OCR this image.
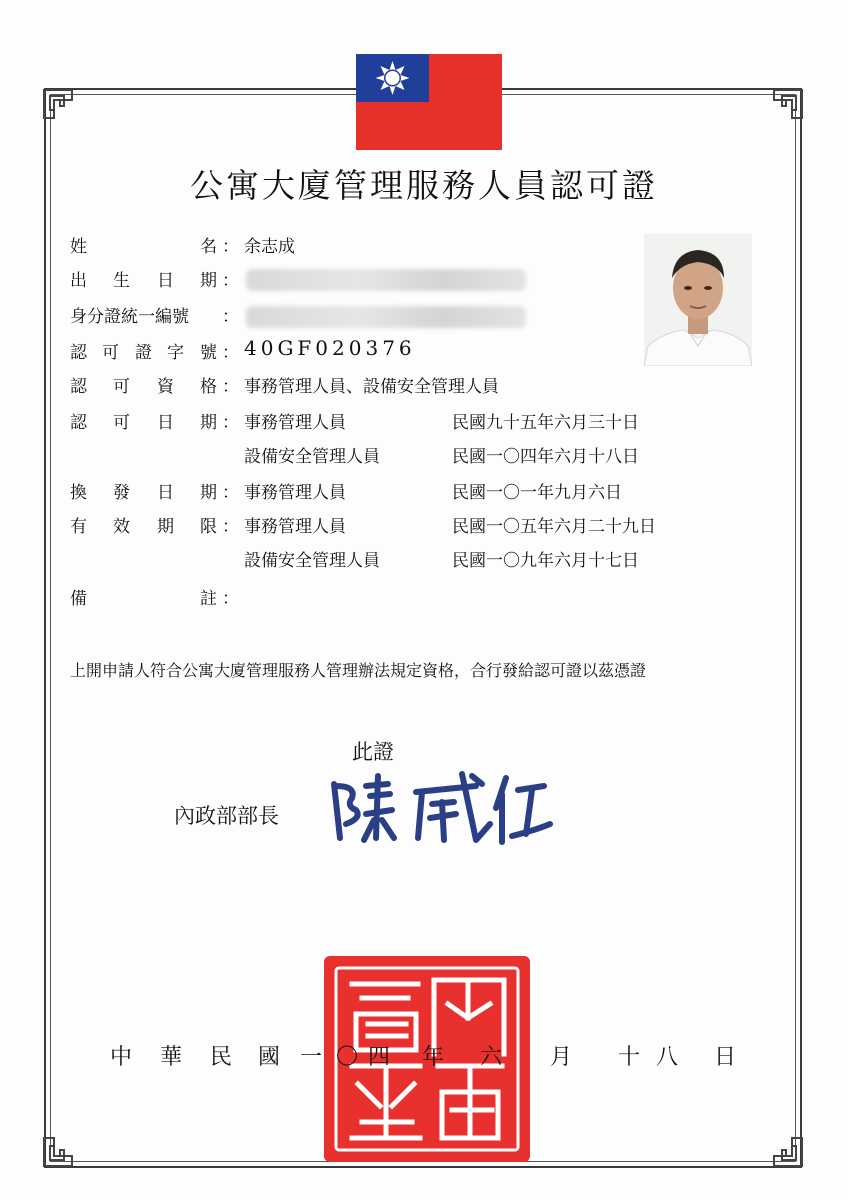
公寓大廈管理服務人員認可證
姓	名 ： 余志成
出 生 日 期 ：
身分證統一編號 ：
認 可 證 字 號 ： 40GF020376
認 可 資 格 ： 事務管理人員、設備安全管理人員
認 可 日 期 ： 事務管理人員	民國九十五年六月三十日
設備安全管理人員	民國一〇四年六月十八日
換 發 日 期 ： 事務管理人員	民國一〇一年九月六日
有 效 期 限 ： 事務管理人員	民國一〇五年六月二十九日
設備安全管理人員	民國一〇九年六月十七日
備	註 ：
上開申請人符合公寓大廈管理服務人管理辦法規定資格，合行發給認可證以茲憑證
此證
內政部部長
中 華 民 國 一 〇 四 年 六 月 十 八 日
